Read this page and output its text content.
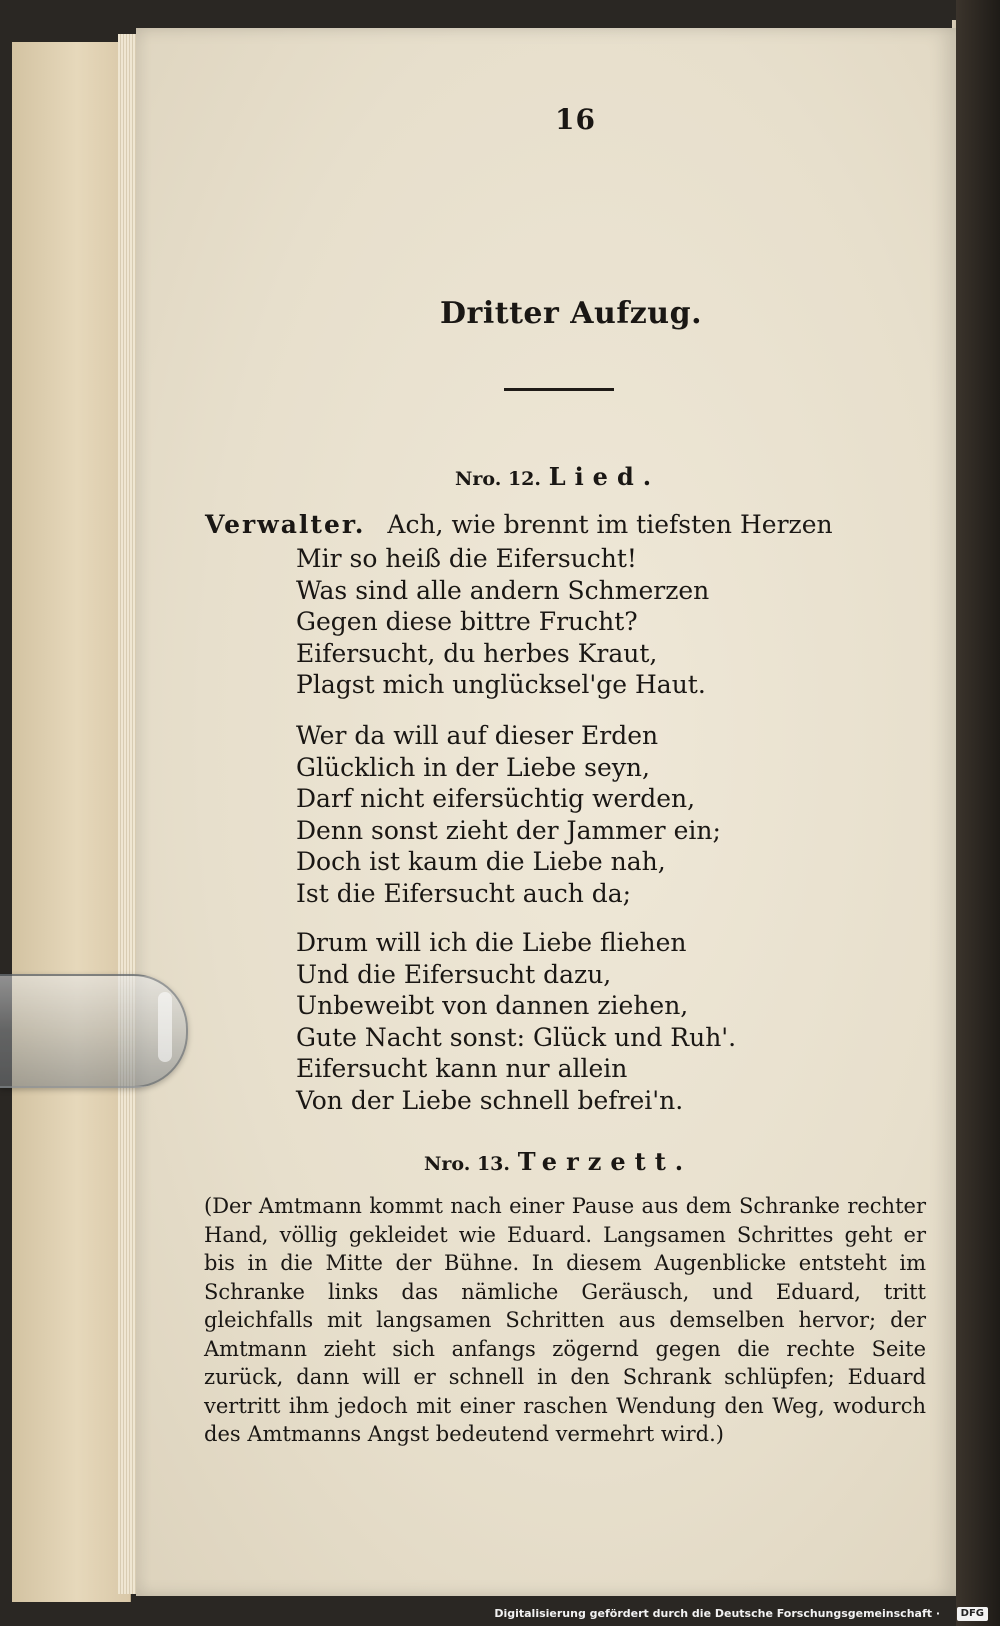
16
Dritter Aufzug.
Nro. 12. Lied.
Verwalter. Ach, wie brennt im tiefsten Herzen
Mir so heiß die Eifersucht!
Was sind alle andern Schmerzen
Gegen diese bittre Frucht?
Eifersucht, du herbes Kraut,
Plagst mich unglücksel'ge Haut.
Wer da will auf dieser Erden
Glücklich in der Liebe seyn,
Darf nicht eifersüchtig werden,
Denn sonst zieht der Jammer ein;
Doch ist kaum die Liebe nah,
Ist die Eifersucht auch da;
Drum will ich die Liebe fliehen
Und die Eifersucht dazu,
Unbeweibt von dannen ziehen,
Gute Nacht sonst: Glück und Ruh'.
Eifersucht kann nur allein
Von der Liebe schnell befrei'n.
Nro. 13. Terzett.
(Der Amtmann kommt nach einer Pause aus dem Schranke rechter Hand, völlig gekleidet wie Eduard. Langsamen Schrittes geht er bis in die Mitte der Bühne. In diesem Augenblicke entsteht im Schranke links das nämliche Geräusch, und Eduard, tritt gleichfalls mit langsamen Schritten aus demselben hervor; der Amtmann zieht sich anfangs zögernd gegen die rechte Seite zurück, dann will er schnell in den Schrank schlüpfen; Eduard vertritt ihm jedoch mit einer raschen Wendung den Weg, wodurch des Amtmanns Angst bedeutend vermehrt wird.)
Digitalisierung gefördert durch die Deutsche Forschungsgemeinschaft ·	DFG
